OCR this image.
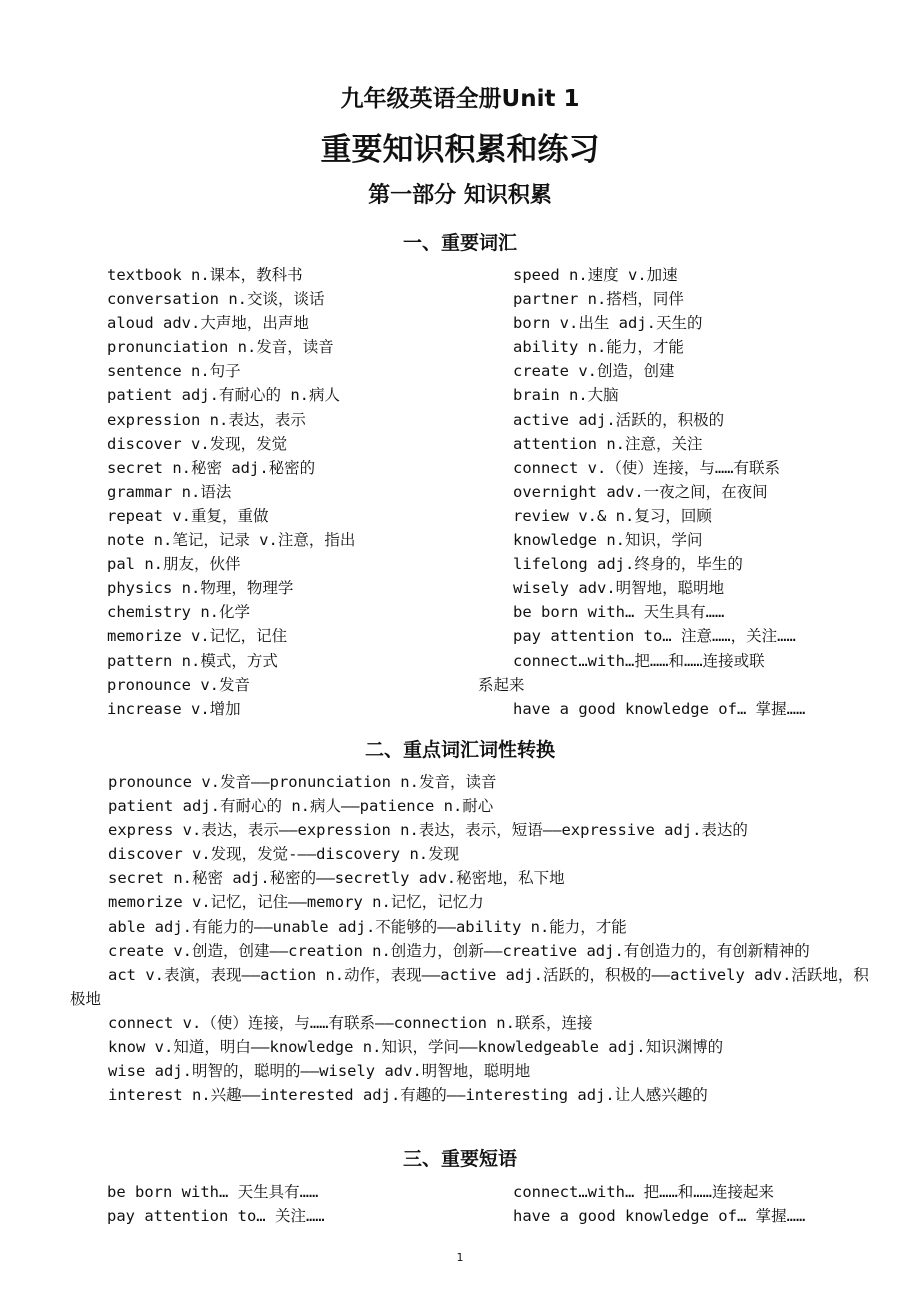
九年级英语全册Unit 1
重要知识积累和练习
第一部分 知识积累
一、重要词汇
textbook n.课本，教科书
conversation n.交谈，谈话
aloud adv.大声地，出声地
pronunciation n.发音，读音
sentence n.句子
patient adj.有耐心的 n.病人
expression n.表达，表示
discover v.发现，发觉
secret n.秘密 adj.秘密的
grammar n.语法
repeat v.重复，重做
note n.笔记，记录 v.注意，指出
pal n.朋友，伙伴
physics n.物理，物理学
chemistry n.化学
memorize v.记忆，记住
pattern n.模式，方式
pronounce v.发音
increase v.增加
speed n.速度 v.加速
partner n.搭档，同伴
born v.出生 adj.天生的
ability n.能力，才能
create v.创造，创建
brain n.大脑
active adj.活跃的，积极的
attention n.注意，关注
connect v.（使）连接，与……有联系
overnight adv.一夜之间，在夜间
review v.& n.复习，回顾
knowledge n.知识，学问
lifelong adj.终身的，毕生的
wisely adv.明智地，聪明地
be born with… 天生具有……
pay attention to… 注意……，关注……
connect…with…把……和……连接或联
系起来
have a good knowledge of… 掌握……
二、重点词汇词性转换
pronounce v.发音——pronunciation n.发音，读音
patient adj.有耐心的 n.病人——patience n.耐心
express v.表达，表示——expression n.表达，表示，短语——expressive adj.表达的
discover v.发现，发觉-——discovery n.发现
secret n.秘密 adj.秘密的——secretly adv.秘密地，私下地
memorize v.记忆，记住——memory n.记忆，记忆力
able adj.有能力的——unable adj.不能够的——ability n.能力，才能
create v.创造，创建——creation n.创造力，创新——creative adj.有创造力的，有创新精神的
act v.表演，表现——action n.动作，表现——active adj.活跃的，积极的——actively adv.活跃地，积极地
connect v.（使）连接，与……有联系——connection n.联系，连接
know v.知道，明白——knowledge n.知识，学问——knowledgeable adj.知识渊博的
wise adj.明智的，聪明的——wisely adv.明智地，聪明地
interest n.兴趣——interested adj.有趣的——interesting adj.让人感兴趣的
三、重要短语
be born with… 天生具有……
pay attention to… 关注……
connect…with… 把……和……连接起来
have a good knowledge of… 掌握……
1
